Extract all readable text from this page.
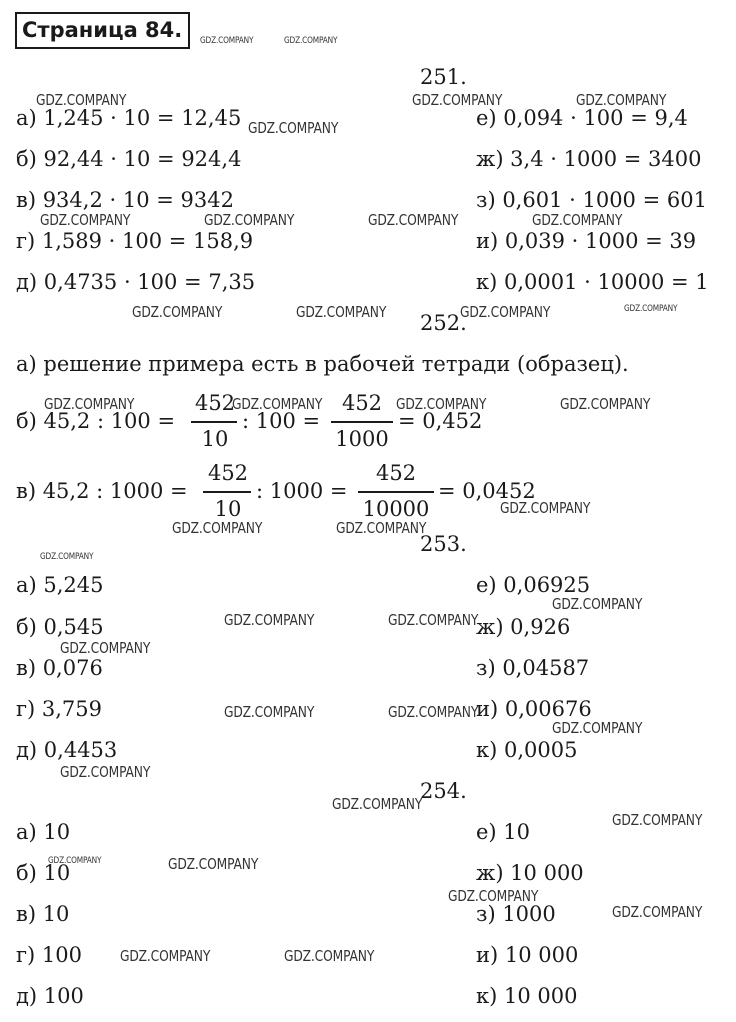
Страница 84.
251.
а) 1,245 · 10 = 12,45
б) 92,44 · 10 = 924,4
в) 934,2 · 10 = 9342
г) 1,589 · 100 = 158,9
д) 0,4735 · 100 = 7,35
е) 0,094 · 100 = 9,4
ж) 3,4 · 1000 = 3400
з) 0,601 · 1000 = 601
и) 0,039 · 1000 = 39
к) 0,0001 · 10000 = 1
252.
а) решение примера есть в рабочей тетради (образец).
б) 45,2 : 100 =
452
10
: 100 =
452
1000
= 0,452
в) 45,2 : 1000 =
452
10
: 1000 =
452
10000
= 0,0452
253.
а) 5,245
б) 0,545
в) 0,076
г) 3,759
д) 0,4453
е) 0,06925
ж) 0,926
з) 0,04587
и) 0,00676
к) 0,0005
254.
а) 10
б) 10
в) 10
г) 100
д) 100
е) 10
ж) 10 000
з) 1000
и) 10 000
к) 10 000
GDZ.COMPANY	GDZ.COMPANY
GDZ.COMPANY	GDZ.COMPANY	GDZ.COMPANY
GDZ.COMPANY
GDZ.COMPANY	GDZ.COMPANY	GDZ.COMPANY	GDZ.COMPANY
GDZ.COMPANY	GDZ.COMPANY	GDZ.COMPANY	GDZ.COMPANY
GDZ.COMPANY	GDZ.COMPANY	GDZ.COMPANY	GDZ.COMPANY
GDZ.COMPANY
GDZ.COMPANY	GDZ.COMPANY
GDZ.COMPANY
GDZ.COMPANY
GDZ.COMPANY	GDZ.COMPANY
GDZ.COMPANY
GDZ.COMPANY	GDZ.COMPANY
GDZ.COMPANY
GDZ.COMPANY
GDZ.COMPANY
GDZ.COMPANY
GDZ.COMPANY	GDZ.COMPANY
GDZ.COMPANY
GDZ.COMPANY
GDZ.COMPANY	GDZ.COMPANY
